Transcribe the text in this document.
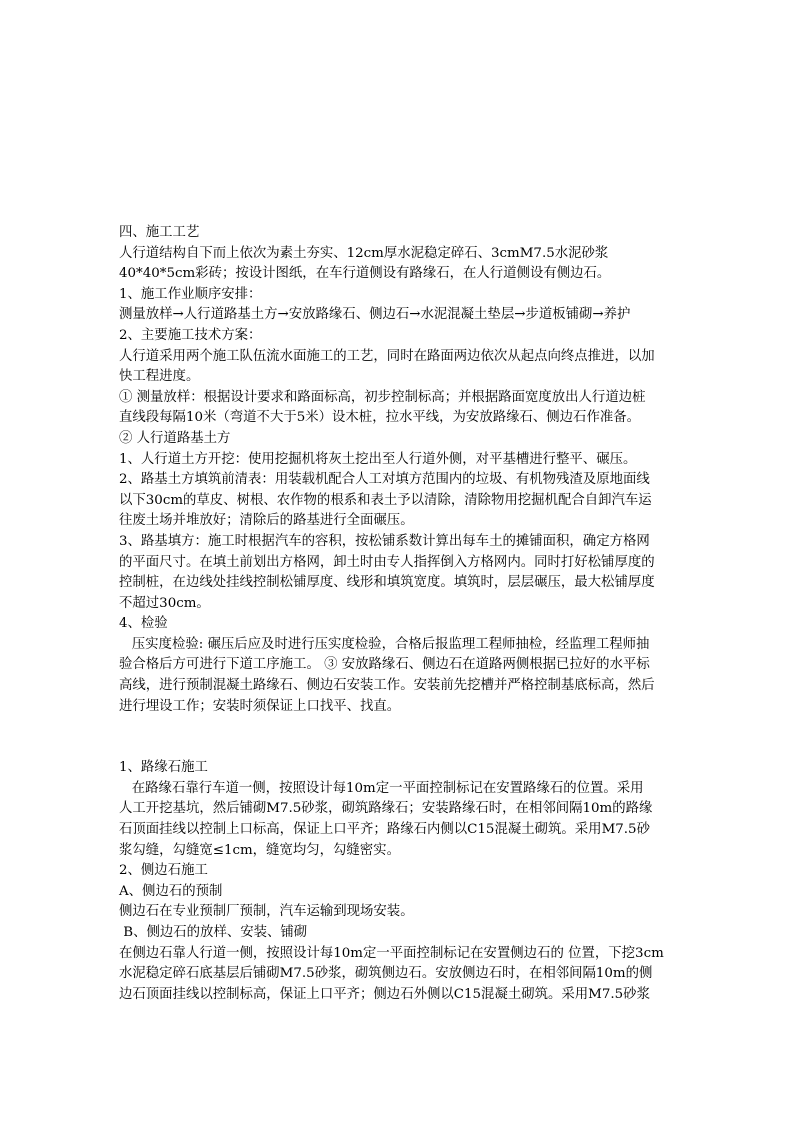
四、施工工艺
人行道结构自下而上依次为素土夯实、12cm厚水泥稳定碎石、3cmM7.5水泥砂浆
40*40*5cm彩砖；按设计图纸，在车行道侧设有路缘石，在人行道侧设有侧边石。
1、施工作业顺序安排：
测量放样→人行道路基土方→安放路缘石、侧边石→水泥混凝土垫层→步道板铺砌→养护
2、主要施工技术方案：
人行道采用两个施工队伍流水面施工的工艺，同时在路面两边依次从起点向终点推进，以加
快工程进度。
① 测量放样：根据设计要求和路面标高，初步控制标高；并根据路面宽度放出人行道边桩
直线段每隔10米（弯道不大于5米）设木桩，拉水平线，为安放路缘石、侧边石作准备。
② 人行道路基土方
1、人行道土方开挖：使用挖掘机将灰土挖出至人行道外侧，对平基槽进行整平、碾压。
2、路基土方填筑前清表：用装载机配合人工对填方范围内的垃圾、有机物残渣及原地面线
以下30cm的草皮、树根、农作物的根系和表土予以清除，清除物用挖掘机配合自卸汽车运
往废土场并堆放好；清除后的路基进行全面碾压。
3、路基填方：施工时根据汽车的容积，按松铺系数计算出每车土的摊铺面积，确定方格网
的平面尺寸。在填土前划出方格网，卸土时由专人指挥倒入方格网内。同时打好松铺厚度的
控制桩，在边线处挂线控制松铺厚度、线形和填筑宽度。填筑时，层层碾压，最大松铺厚度
不超过30cm。
4、检验
压实度检验: 碾压后应及时进行压实度检验，合格后报监理工程师抽检，经监理工程师抽
验合格后方可进行下道工序施工。 ③ 安放路缘石、侧边石在道路两侧根据已拉好的水平标
高线，进行预制混凝土路缘石、侧边石安装工作。安装前先挖槽并严格控制基底标高，然后
进行埋设工作；安装时须保证上口找平、找直。
1、路缘石施工
在路缘石靠行车道一侧，按照设计每10m定一平面控制标记在安置路缘石的位置。采用
人工开挖基坑，然后铺砌M7.5砂浆，砌筑路缘石；安装路缘石时，在相邻间隔10m的路缘
石顶面挂线以控制上口标高，保证上口平齐；路缘石内侧以C15混凝土砌筑。采用M7.5砂
浆勾缝，勾缝宽≤1cm，缝宽均匀，勾缝密实。
2、侧边石施工
A、侧边石的预制
侧边石在专业预制厂预制，汽车运输到现场安装。
B、侧边石的放样、安装、铺砌
在侧边石靠人行道一侧，按照设计每10m定一平面控制标记在安置侧边石的 位置，下挖3cm
水泥稳定碎石底基层后铺砌M7.5砂浆，砌筑侧边石。安放侧边石时，在相邻间隔10m的侧
边石顶面挂线以控制标高，保证上口平齐；侧边石外侧以C15混凝土砌筑。采用M7.5砂浆
